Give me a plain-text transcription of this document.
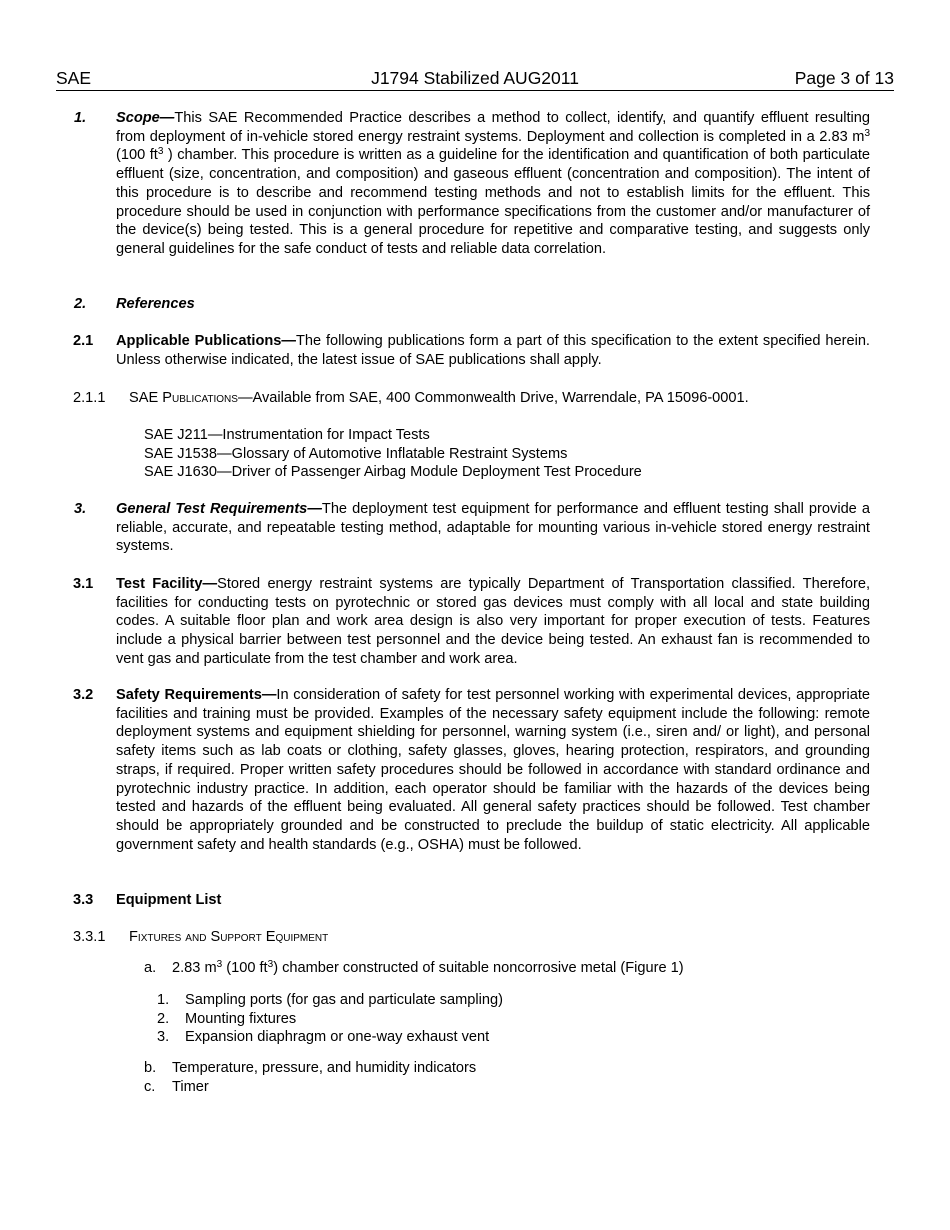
SAE	J1794 Stabilized AUG2011	Page 3 of 13
1. Scope—This SAE Recommended Practice describes a method to collect, identify, and quantify effluent resulting from deployment of in-vehicle stored energy restraint systems. Deployment and collection is completed in a 2.83 $m^3$ (100 $ft^3$ ) chamber. This procedure is written as a guideline for the identification and quantification of both particulate effluent (size, concentration, and composition) and gaseous effluent (concentration and composition). The intent of this procedure is to describe and recommend testing methods and not to establish limits for the effluent. This procedure should be used in conjunction with performance specifications from the customer and/or manufacturer of the device(s) being tested. This is a general procedure for repetitive and comparative testing, and suggests only general guidelines for the safe conduct of tests and reliable data correlation.
2. References
2.1 Applicable Publications—The following publications form a part of this specification to the extent specified herein. Unless otherwise indicated, the latest issue of SAE publications shall apply.
2.1.1 SAE Publications—Available from SAE, 400 Commonwealth Drive, Warrendale, PA 15096-0001.
SAE J211—Instrumentation for Impact Tests
SAE J1538—Glossary of Automotive Inflatable Restraint Systems
SAE J1630—Driver of Passenger Airbag Module Deployment Test Procedure
3. General Test Requirements—The deployment test equipment for performance and effluent testing shall provide a reliable, accurate, and repeatable testing method, adaptable for mounting various in-vehicle stored energy restraint systems.
3.1 Test Facility—Stored energy restraint systems are typically Department of Transportation classified. Therefore, facilities for conducting tests on pyrotechnic or stored gas devices must comply with all local and state building codes. A suitable floor plan and work area design is also very important for proper execution of tests. Features include a physical barrier between test personnel and the device being tested. An exhaust fan is recommended to vent gas and particulate from the test chamber and work area.
3.2 Safety Requirements—In consideration of safety for test personnel working with experimental devices, appropriate facilities and training must be provided. Examples of the necessary safety equipment include the following: remote deployment systems and equipment shielding for personnel, warning system (i.e., siren and/ or light), and personal safety items such as lab coats or clothing, safety glasses, gloves, hearing protection, respirators, and grounding straps, if required. Proper written safety procedures should be followed in accordance with standard ordinance and pyrotechnic industry practice. In addition, each operator should be familiar with the hazards of the devices being tested and hazards of the effluent being evaluated. All general safety practices should be followed. Test chamber should be appropriately grounded and be constructed to preclude the buildup of static electricity. All applicable government safety and health standards (e.g., OSHA) must be followed.
3.3 Equipment List
3.3.1 Fixtures and Support Equipment
a. 2.83 $m^3$ (100 $ft^3$) chamber constructed of suitable noncorrosive metal (Figure 1)
1. Sampling ports (for gas and particulate sampling)
2. Mounting fixtures
3. Expansion diaphragm or one-way exhaust vent
b. Temperature, pressure, and humidity indicators
c. Timer
